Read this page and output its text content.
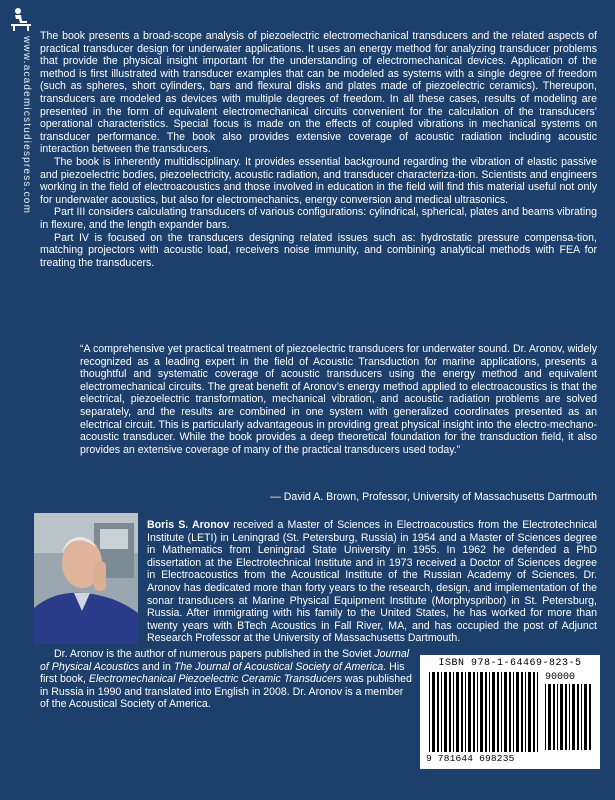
www.academicstudiespress.com The book presents a broad-scope analysis of piezoelectric electromechanical transducers and the related aspects of practical transducer design for underwater applications. It uses an energy method for analyzing transducer problems that provide the physical insight important for the understanding of electromechanical devices. Application of the method is first illustrated with transducer examples that can be modeled as systems with a single degree of freedom (such as spheres, short cylinders, bars and flexural disks and plates made of piezoelectric ceramics). Thereupon, transducers are modeled as devices with multiple degrees of freedom. In all these cases, results of modeling are presented in the form of equivalent electromechanical circuits convenient for the calculation of the transducers’ operational characteristics. Special focus is made on the effects of coupled vibrations in mechanical systems on transducer performance. The book also provides extensive coverage of acoustic radiation including acoustic interaction between the transducers.

The book is inherently multidisciplinary. It provides essential background regarding the vibration of elastic passive and piezoelectric bodies, piezoelectricity, acoustic radiation, and transducer characteriza-tion. Scientists and engineers working in the field of electroacoustics and those involved in education in the field will find this material useful not only for underwater acoustics, but also for electromechanics, energy conversion and medical ultrasonics.

Part III considers calculating transducers of various configurations: cylindrical, spherical, plates and beams vibrating in flexure, and the length expander bars.

Part IV is focused on the transducers designing related issues such as: hydrostatic pressure compensa-tion, matching projectors with acoustic load, receivers noise immunity, and combining analytical methods with FEA for treating the transducers.

“A comprehensive yet practical treatment of piezoelectric transducers for underwater sound. Dr. Aronov, widely recognized as a leading expert in the field of Acoustic Transduction for marine applications, presents a thoughtful and systematic coverage of acoustic transducers using the energy method and equivalent electromechanical circuits. The great benefit of Aronov’s energy method applied to electroacoustics is that the electrical, piezoelectric transformation, mechanical vibration, and acoustic radiation problems are solved separately, and the results are combined in one system with generalized coordinates presented as an electrical circuit. This is particularly advantageous in providing great physical insight into the electro-mechano-acoustic transducer. While the book provides a deep theoretical foundation for the transduction field, it also provides an extensive coverage of many of the practical transducers used today.”

— David A. Brown, Professor, University of Massachusetts Dartmouth

Boris S. Aronov received a Master of Sciences in Electroacoustics from the Electrotechnical Institute (LETI) in Leningrad (St. Petersburg, Russia) in 1954 and a Master of Sciences degree in Mathematics from Leningrad State University in 1955. In 1962 he defended a PhD dissertation at the Electrotechnical Institute and in 1973 received a Doctor of Sciences degree in Electroacoustics from the Acoustical Institute of the Russian Academy of Sciences. Dr. Aronov has dedicated more than forty years to the research, design, and implementation of the sonar transducers at Marine Physical Equipment Institute (Morphyspribor) in St. Petersburg, Russia. After immigrating with his family to the United States, he has worked for more than twenty years with BTech Acoustics in Fall River, MA, and has occupied the post of Adjunct Research Professor at the University of Massachusetts Dartmouth.

Dr. Aronov is the author of numerous papers published in the Soviet Journal of Physical Acoustics and in The Journal of Acoustical Society of America. His first book, Electromechanical Piezoelectric Ceramic Transducers was published in Russia in 1990 and translated into English in 2008. Dr. Aronov is a member of the Acoustical Society of America.

ISBN 978-1-64469-823-5
90000
9 781644 698235
